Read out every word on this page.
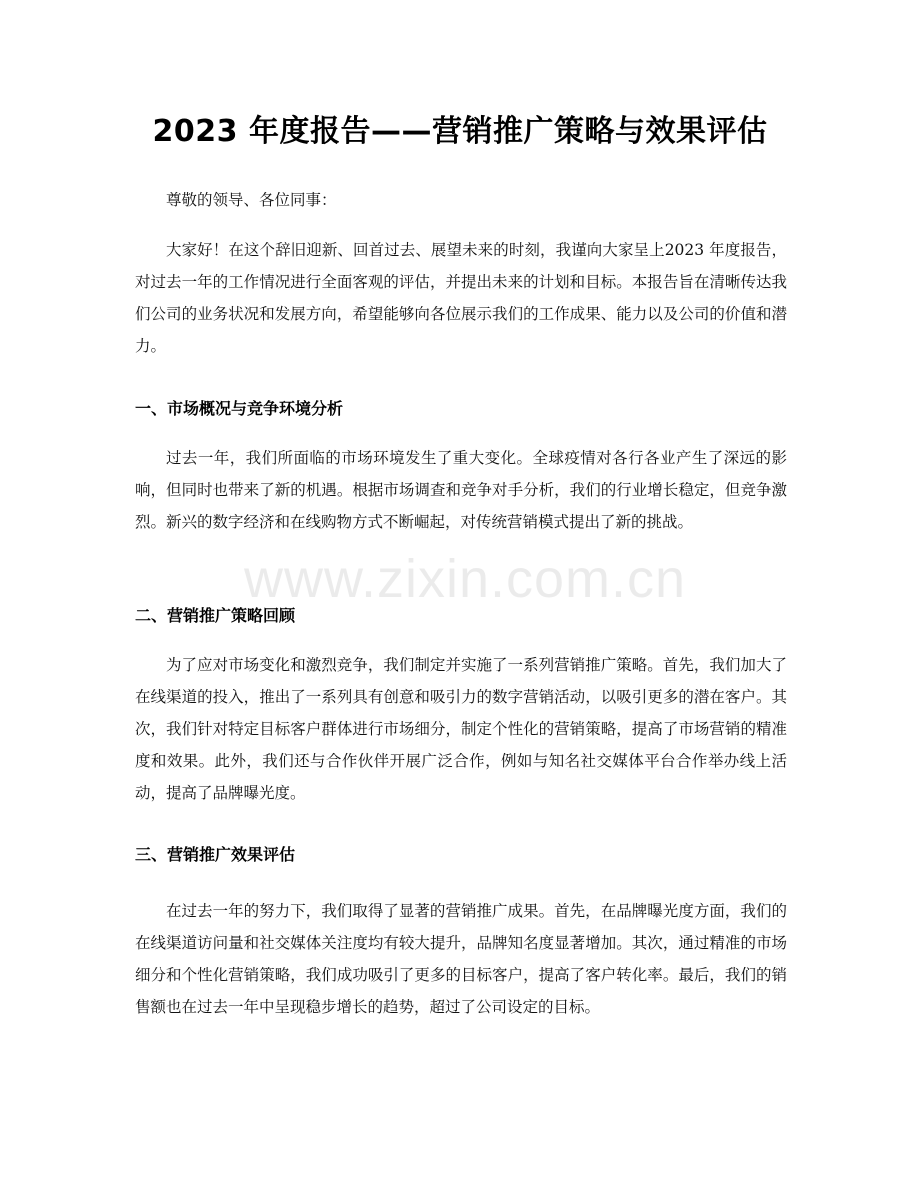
2023 年度报告——营销推广策略与效果评估
尊敬的领导、各位同事：
大家好！在这个辞旧迎新、回首过去、展望未来的时刻，我谨向大家呈上2023 年度报告，对过去一年的工作情况进行全面客观的评估，并提出未来的计划和目标。本报告旨在清晰传达我们公司的业务状况和发展方向，希望能够向各位展示我们的工作成果、能力以及公司的价值和潜力。
一、市场概况与竞争环境分析
过去一年，我们所面临的市场环境发生了重大变化。全球疫情对各行各业产生了深远的影响，但同时也带来了新的机遇。根据市场调查和竞争对手分析，我们的行业增长稳定，但竞争激烈。新兴的数字经济和在线购物方式不断崛起，对传统营销模式提出了新的挑战。
二、营销推广策略回顾
为了应对市场变化和激烈竞争，我们制定并实施了一系列营销推广策略。首先，我们加大了在线渠道的投入，推出了一系列具有创意和吸引力的数字营销活动，以吸引更多的潜在客户。其次，我们针对特定目标客户群体进行市场细分，制定个性化的营销策略，提高了市场营销的精准度和效果。此外，我们还与合作伙伴开展广泛合作，例如与知名社交媒体平台合作举办线上活动，提高了品牌曝光度。
三、营销推广效果评估
在过去一年的努力下，我们取得了显著的营销推广成果。首先，在品牌曝光度方面，我们的在线渠道访问量和社交媒体关注度均有较大提升，品牌知名度显著增加。其次，通过精准的市场细分和个性化营销策略，我们成功吸引了更多的目标客户，提高了客户转化率。最后，我们的销售额也在过去一年中呈现稳步增长的趋势，超过了公司设定的目标。
www.zixin.com.cn
